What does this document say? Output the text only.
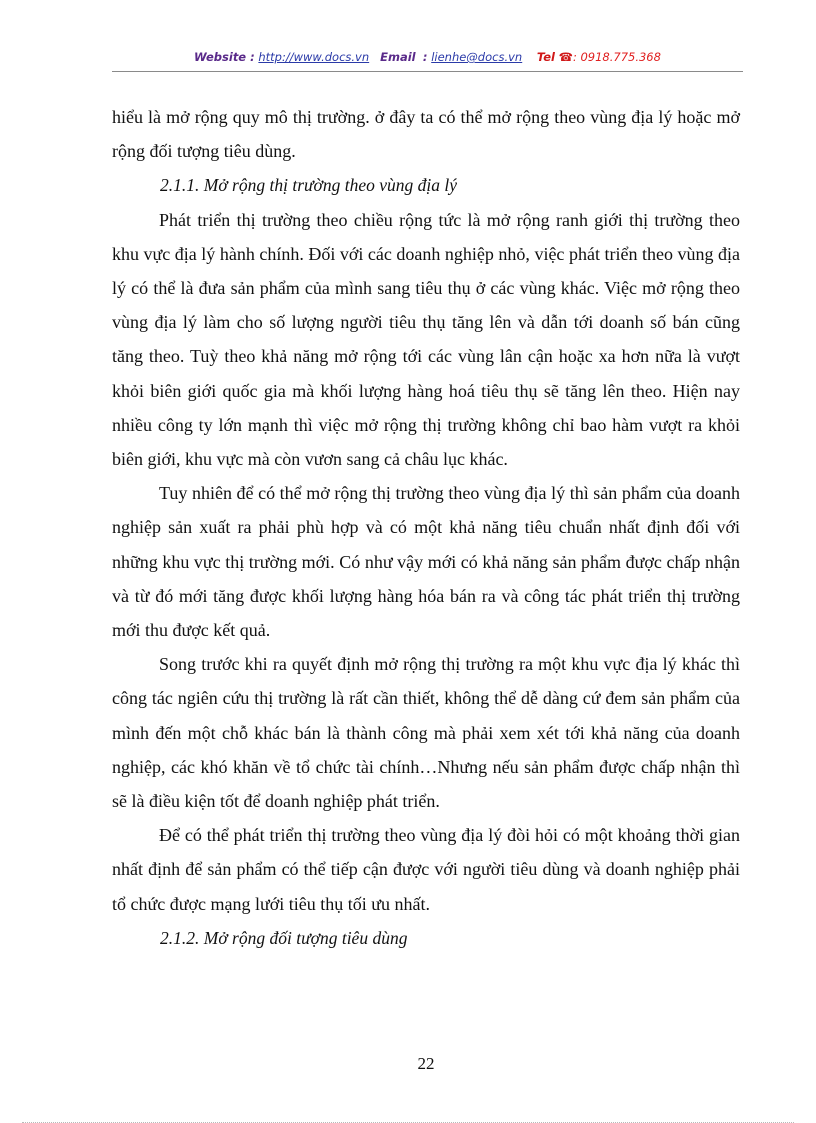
Website : http://www.docs.vn Email : lienhe@docs.vn Tel ☎: 0918.775.368

hiểu là mở rộng quy mô thị trường. ở đây ta có thể mở rộng theo vùng địa lý hoặc mở rộng đối tượng tiêu dùng.

2.1.1. Mở rộng thị trường theo vùng địa lý

Phát triển thị trường theo chiều rộng tức là mở rộng ranh giới thị trường theo khu vực địa lý hành chính. Đối với các doanh nghiệp nhỏ, việc phát triển theo vùng địa lý có thể là đưa sản phẩm của mình sang tiêu thụ ở các vùng khác. Việc mở rộng theo vùng địa lý làm cho số lượng người tiêu thụ tăng lên và dẫn tới doanh số bán cũng tăng theo. Tuỳ theo khả năng mở rộng tới các vùng lân cận hoặc xa hơn nữa là vượt khỏi biên giới quốc gia mà khối lượng hàng hoá tiêu thụ sẽ tăng lên theo. Hiện nay nhiều công ty lớn mạnh thì việc mở rộng thị trường không chỉ bao hàm vượt ra khỏi biên giới, khu vực mà còn vươn sang cả châu lục khác.

Tuy nhiên để có thể mở rộng thị trường theo vùng địa lý thì sản phẩm của doanh nghiệp sản xuất ra phải phù hợp và có một khả năng tiêu chuẩn nhất định đối với những khu vực thị trường mới. Có như vậy mới có khả năng sản phẩm được chấp nhận và từ đó mới tăng được khối lượng hàng hóa bán ra và công tác phát triển thị trường mới thu được kết quả.

Song trước khi ra quyết định mở rộng thị trường ra một khu vực địa lý khác thì công tác ngiên cứu thị trường là rất cần thiết, không thể dễ dàng cứ đem sản phẩm của mình đến một chỗ khác bán là thành công mà phải xem xét tới khả năng của doanh nghiệp, các khó khăn về tổ chức tài chính…Nhưng nếu sản phẩm được chấp nhận thì sẽ là điều kiện tốt để doanh nghiệp phát triển.

Để có thể phát triển thị trường theo vùng địa lý đòi hỏi có một khoảng thời gian nhất định để sản phẩm có thể tiếp cận được với người tiêu dùng và doanh nghiệp phải tổ chức được mạng lưới tiêu thụ tối ưu nhất.

2.1.2. Mở rộng đối tượng tiêu dùng

22
